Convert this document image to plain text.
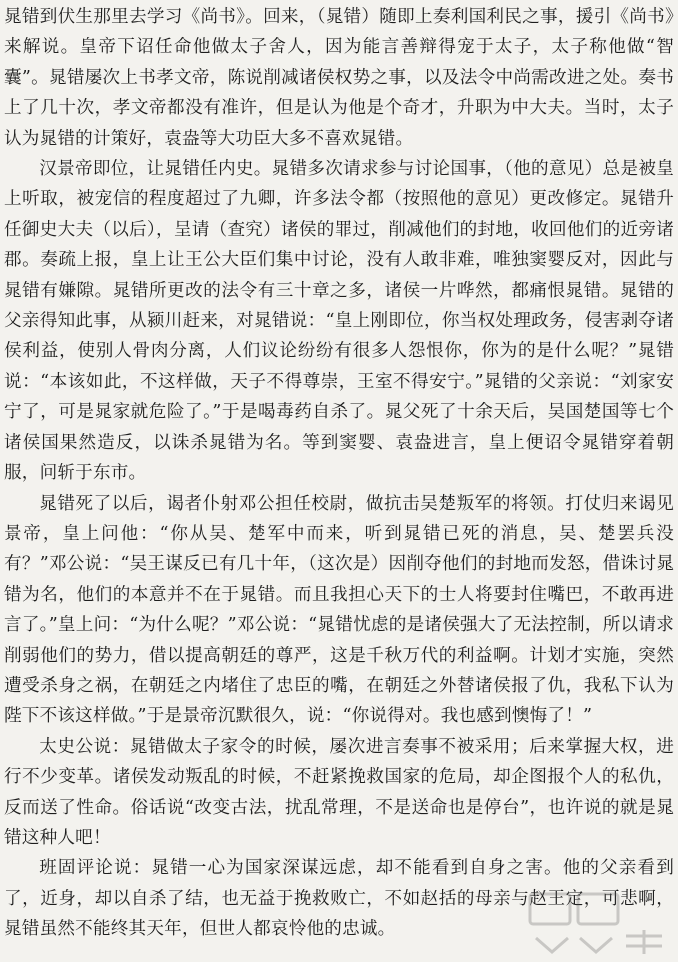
晁错到伏生那里去学习《尚书》。回来，（晁错）随即上奏利国利民之事，援引《尚书》来解说。皇帝下诏任命他做太子舍人，因为能言善辩得宠于太子，太子称他做“智囊”。晁错屡次上书孝文帝，陈说削减诸侯权势之事，以及法令中尚需改进之处。奏书上了几十次，孝文帝都没有准许，但是认为他是个奇才，升职为中大夫。当时，太子认为晁错的计策好，袁盎等大功臣大多不喜欢晁错。

汉景帝即位，让晁错任内史。晁错多次请求参与讨论国事，（他的意见）总是被皇上听取，被宠信的程度超过了九卿，许多法令都（按照他的意见）更改修定。晁错升任御史大夫（以后），呈请（查究）诸侯的罪过，削减他们的封地，收回他们的近旁诸郡。奏疏上报，皇上让王公大臣们集中讨论，没有人敢非难，唯独窦婴反对，因此与晁错有嫌隙。晁错所更改的法令有三十章之多，诸侯一片哗然，都痛恨晁错。晁错的父亲得知此事，从颍川赶来，对晁错说：“皇上刚即位，你当权处理政务，侵害剥夺诸侯利益，使别人骨肉分离，人们议论纷纷有很多人怨恨你，你为的是什么呢？”晁错说：“本该如此，不这样做，天子不得尊崇，王室不得安宁。”晁错的父亲说：“刘家安宁了，可是晁家就危险了。”于是喝毒药自杀了。晁父死了十余天后，吴国楚国等七个诸侯国果然造反，以诛杀晁错为名。等到窦婴、袁盎进言，皇上便诏令晁错穿着朝服，问斩于东市。

晁错死了以后，谒者仆射邓公担任校尉，做抗击吴楚叛军的将领。打仗归来谒见景帝，皇上问他：“你从吴、楚军中而来，听到晁错已死的消息，吴、楚罢兵没有？”邓公说：“吴王谋反已有几十年，（这次是）因削夺他们的封地而发怒，借诛讨晁错为名，他们的本意并不在于晁错。而且我担心天下的士人将要封住嘴巴，不敢再进言了。”皇上问：“为什么呢？”邓公说：“晁错忧虑的是诸侯强大了无法控制，所以请求削弱他们的势力，借以提高朝廷的尊严，这是千秋万代的利益啊。计划才实施，突然遭受杀身之祸，在朝廷之内堵住了忠臣的嘴，在朝廷之外替诸侯报了仇，我私下认为陛下不该这样做。”于是景帝沉默很久，说：“你说得对。我也感到懊悔了！”

太史公说：晁错做太子家令的时候，屡次进言奏事不被采用；后来掌握大权，进行不少变革。诸侯发动叛乱的时候，不赶紧挽救国家的危局，却企图报个人的私仇，反而送了性命。俗话说“改变古法，扰乱常理，不是送命也是停台”，也许说的就是晁错这种人吧！

班固评论说：晁错一心为国家深谋远虑，却不能看到自身之害。他的父亲看到了，近身，却以自杀了结，也无益于挽救败亡，不如赵括的母亲与赵王定，可悲啊，晁错虽然不能终其天年，但世人都哀怜他的忠诚。
